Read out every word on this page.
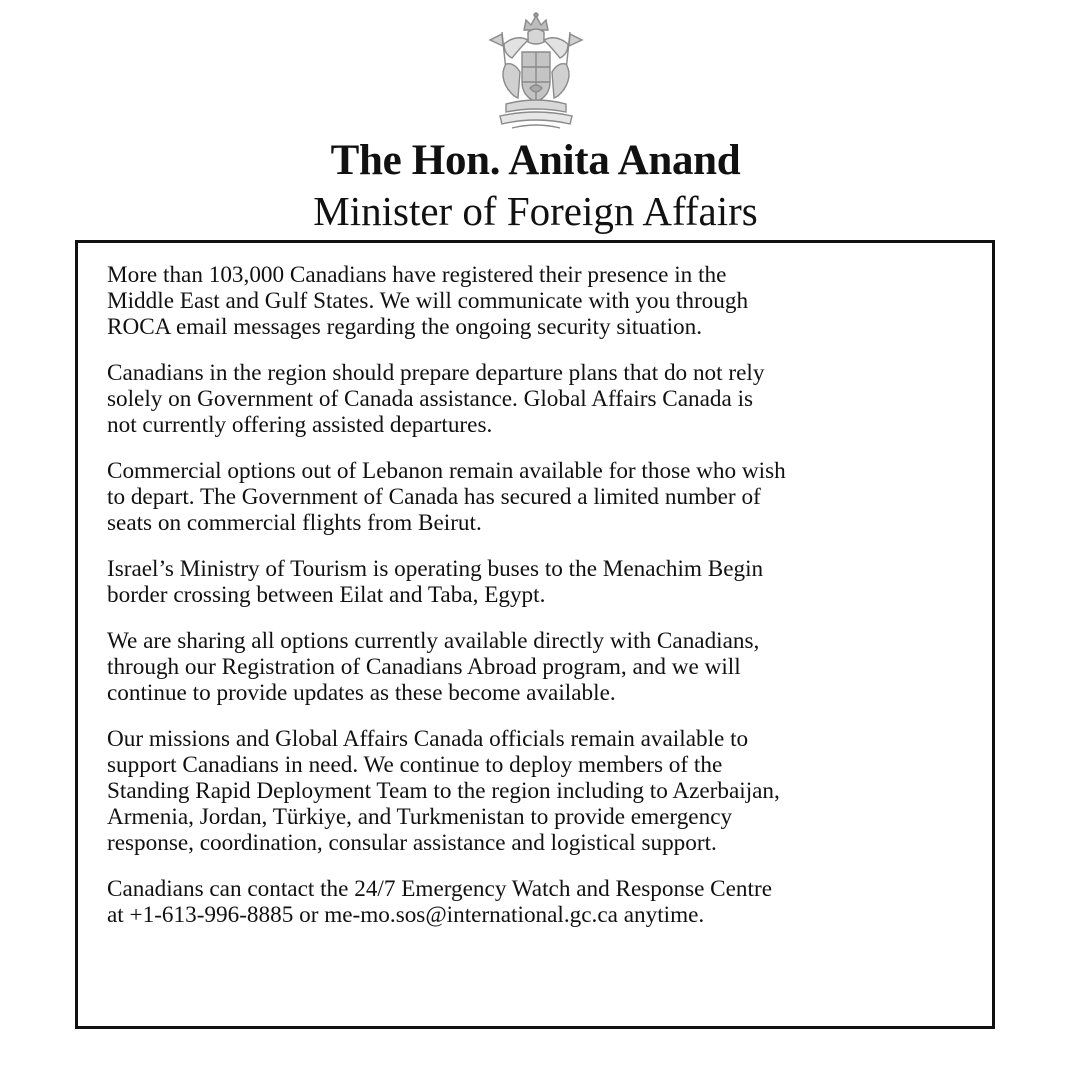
The Hon. Anita Anand
Minister of Foreign Affairs

More than 103,000 Canadians have registered their presence in the
Middle East and Gulf States. We will communicate with you through
ROCA email messages regarding the ongoing security situation.

Canadians in the region should prepare departure plans that do not rely
solely on Government of Canada assistance. Global Affairs Canada is
not currently offering assisted departures.

Commercial options out of Lebanon remain available for those who wish
to depart. The Government of Canada has secured a limited number of
seats on commercial flights from Beirut.

Israel’s Ministry of Tourism is operating buses to the Menachim Begin
border crossing between Eilat and Taba, Egypt.

We are sharing all options currently available directly with Canadians,
through our Registration of Canadians Abroad program, and we will
continue to provide updates as these become available.

Our missions and Global Affairs Canada officials remain available to
support Canadians in need. We continue to deploy members of the
Standing Rapid Deployment Team to the region including to Azerbaijan,
Armenia, Jordan, Türkiye, and Turkmenistan to provide emergency
response, coordination, consular assistance and logistical support.

Canadians can contact the 24/7 Emergency Watch and Response Centre
at +1-613-996-8885 or me-mo.sos@international.gc.ca anytime.
